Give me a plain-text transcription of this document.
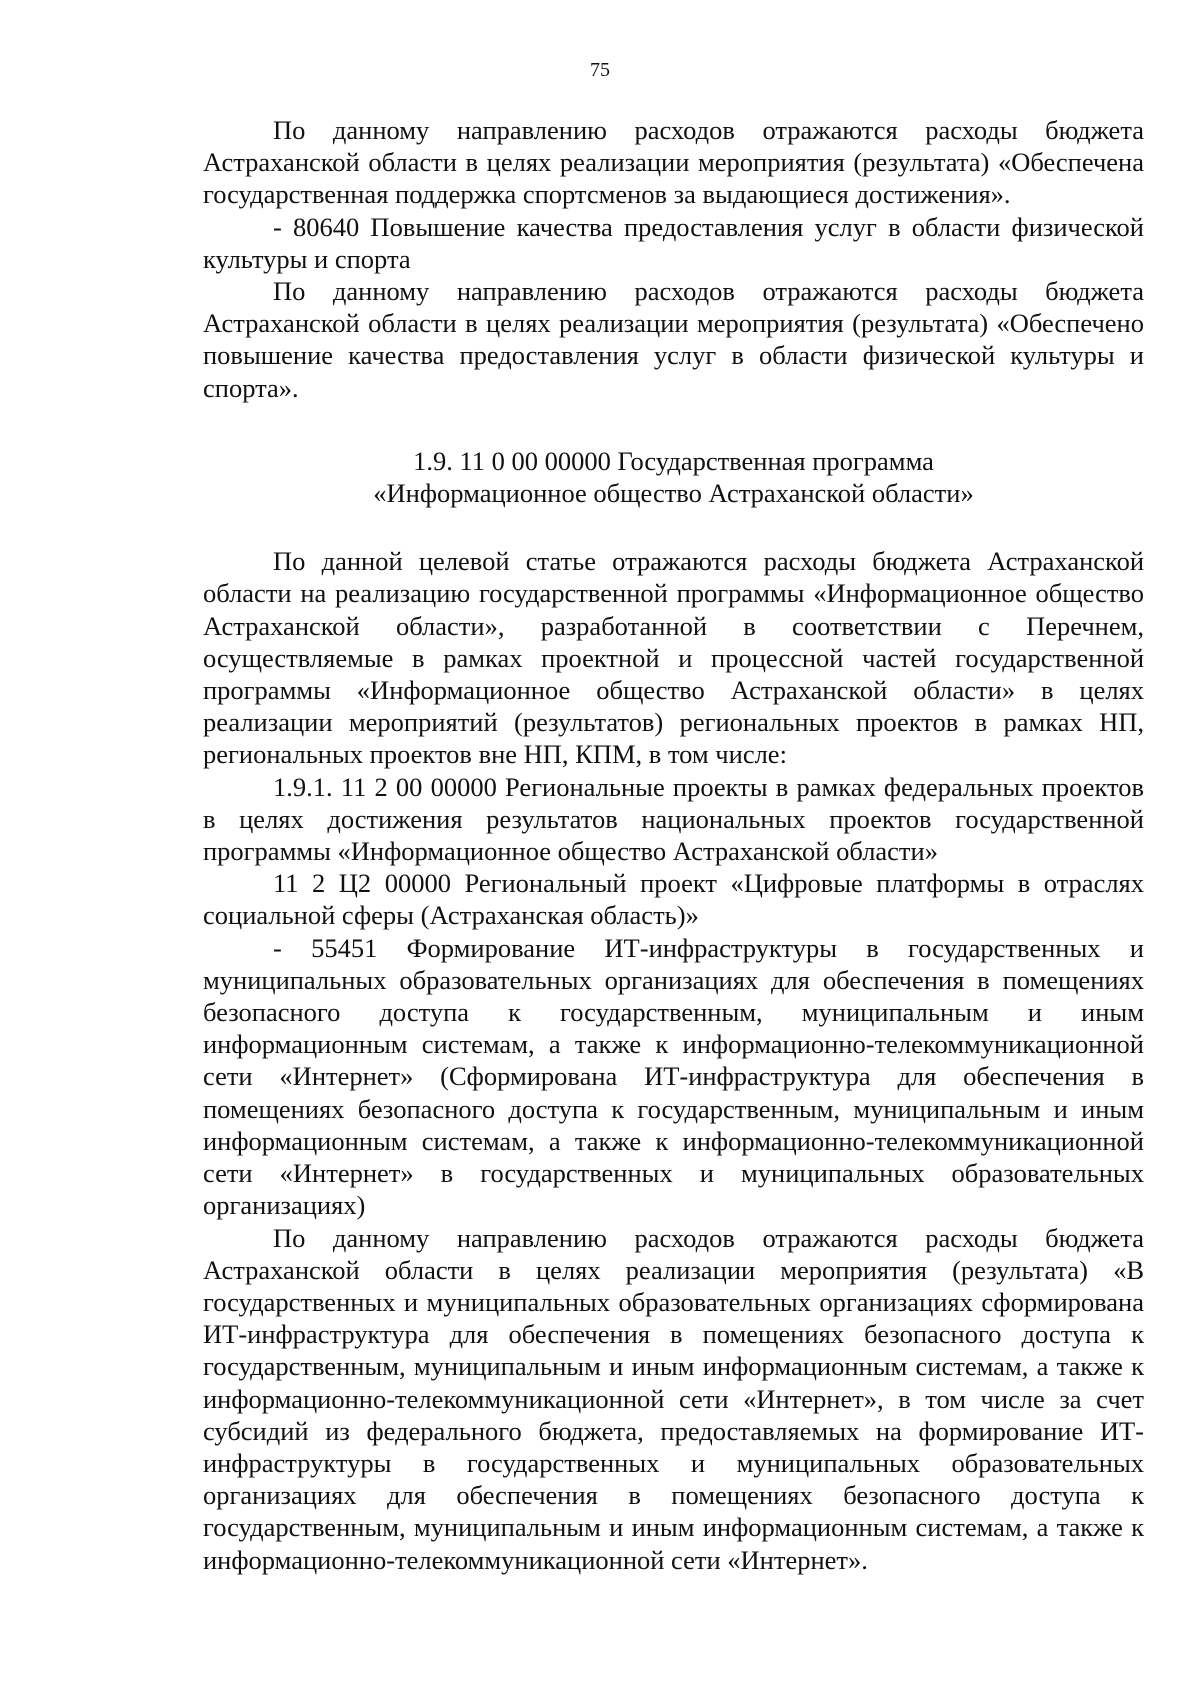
75

По данному направлению расходов отражаются расходы бюджета Астраханской области в целях реализации мероприятия (результата) «Обеспечена государственная поддержка спортсменов за выдающиеся достижения».

- 80640 Повышение качества предоставления услуг в области физической культуры и спорта

По данному направлению расходов отражаются расходы бюджета Астраханской области в целях реализации мероприятия (результата) «Обеспечено повышение качества предоставления услуг в области физической культуры и спорта».

1.9. 11 0 00 00000 Государственная программа
«Информационное общество Астраханской области»

По данной целевой статье отражаются расходы бюджета Астраханской области на реализацию государственной программы «Информационное общество Астраханской области», разработанной в соответствии с Перечнем, осуществляемые в рамках проектной и процессной частей государственной программы «Информационное общество Астраханской области» в целях реализации мероприятий (результатов) региональных проектов в рамках НП, региональных проектов вне НП, КПМ, в том числе:

1.9.1. 11 2 00 00000 Региональные проекты в рамках федеральных проектов в целях достижения результатов национальных проектов государственной программы «Информационное общество Астраханской области»

11 2 Ц2 00000 Региональный проект «Цифровые платформы в отраслях социальной сферы (Астраханская область)»

- 55451 Формирование ИТ-инфраструктуры в государственных и муниципальных образовательных организациях для обеспечения в помещениях безопасного доступа к государственным, муниципальным и иным информационным системам, а также к информационно-телекоммуникационной сети «Интернет» (Сформирована ИТ-инфраструктура для обеспечения в помещениях безопасного доступа к государственным, муниципальным и иным информационным системам, а также к информационно-телекоммуникационной сети «Интернет» в государственных и муниципальных образовательных организациях)

По данному направлению расходов отражаются расходы бюджета Астраханской области в целях реализации мероприятия (результата) «В государственных и муниципальных образовательных организациях сформирована ИТ-инфраструктура для обеспечения в помещениях безопасного доступа к государственным, муниципальным и иным информационным системам, а также к информационно-телекоммуникационной сети «Интернет», в том числе за счет субсидий из федерального бюджета, предоставляемых на формирование ИТ-инфраструктуры в государственных и муниципальных образовательных организациях для обеспечения в помещениях безопасного доступа к государственным, муниципальным и иным информационным системам, а также к информационно-телекоммуникационной сети «Интернет».
